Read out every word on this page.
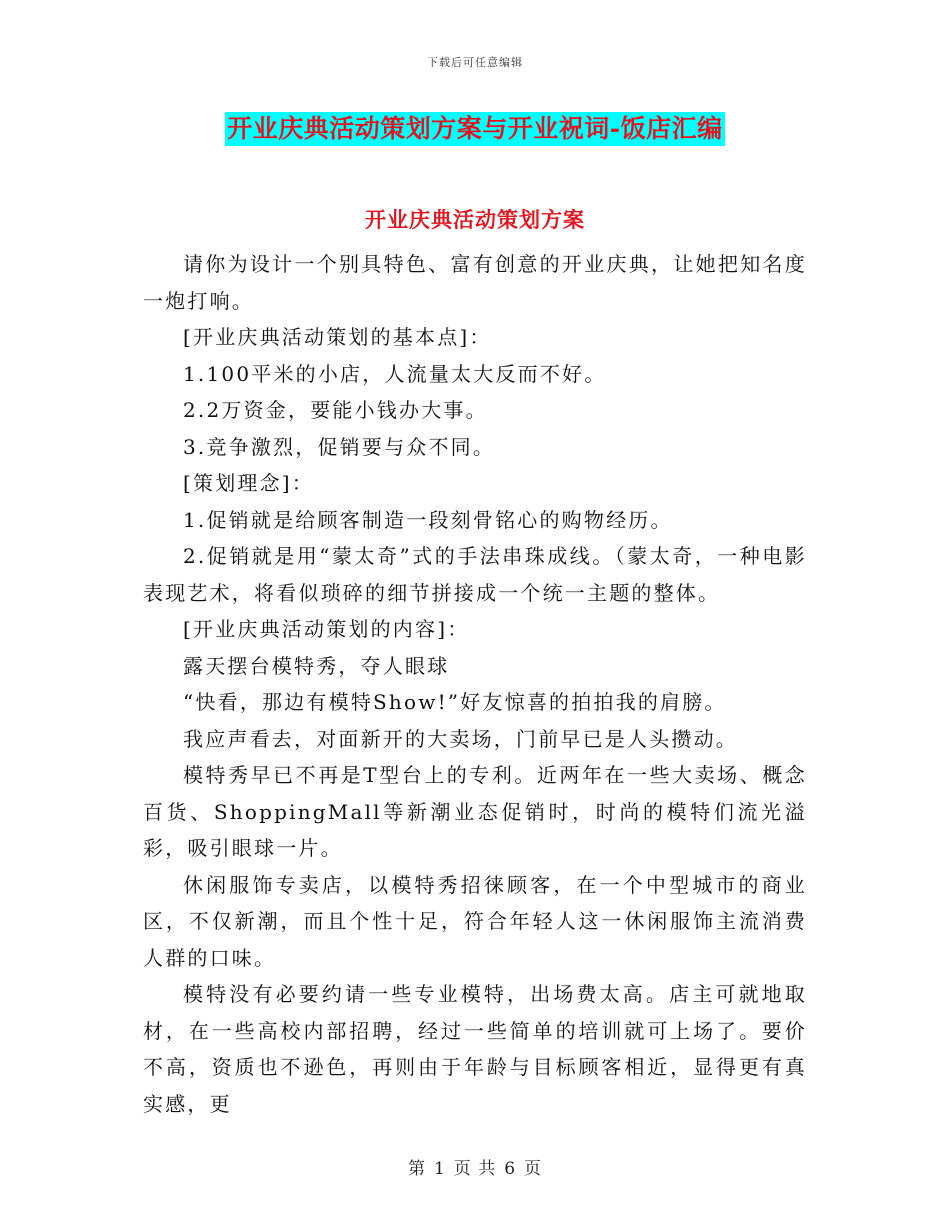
下载后可任意编辑
开业庆典活动策划方案与开业祝词-饭店汇编
开业庆典活动策划方案

请你为设计一个别具特色、富有创意的开业庆典，让她把知名度一炮打响。

[开业庆典活动策划的基本点]：

1.100平米的小店，人流量太大反而不好。

2.2万资金，要能小钱办大事。

3.竞争激烈，促销要与众不同。

[策划理念]：

1.促销就是给顾客制造一段刻骨铭心的购物经历。

2.促销就是用“蒙太奇”式的手法串珠成线。（蒙太奇，一种电影表现艺术，将看似琐碎的细节拼接成一个统一主题的整体。

[开业庆典活动策划的内容]：

露天摆台模特秀，夺人眼球

“快看，那边有模特Show!”好友惊喜的拍拍我的肩膀。

我应声看去，对面新开的大卖场，门前早已是人头攒动。

模特秀早已不再是T型台上的专利。近两年在一些大卖场、概念百货、ShoppingMall等新潮业态促销时，时尚的模特们流光溢彩，吸引眼球一片。

休闲服饰专卖店，以模特秀招徕顾客，在一个中型城市的商业区，不仅新潮，而且个性十足，符合年轻人这一休闲服饰主流消费人群的口味。

模特没有必要约请一些专业模特，出场费太高。店主可就地取材，在一些高校内部招聘，经过一些简单的培训就可上场了。要价不高，资质也不逊色，再则由于年龄与目标顾客相近，显得更有真实感，更

第 1 页 共 6 页
